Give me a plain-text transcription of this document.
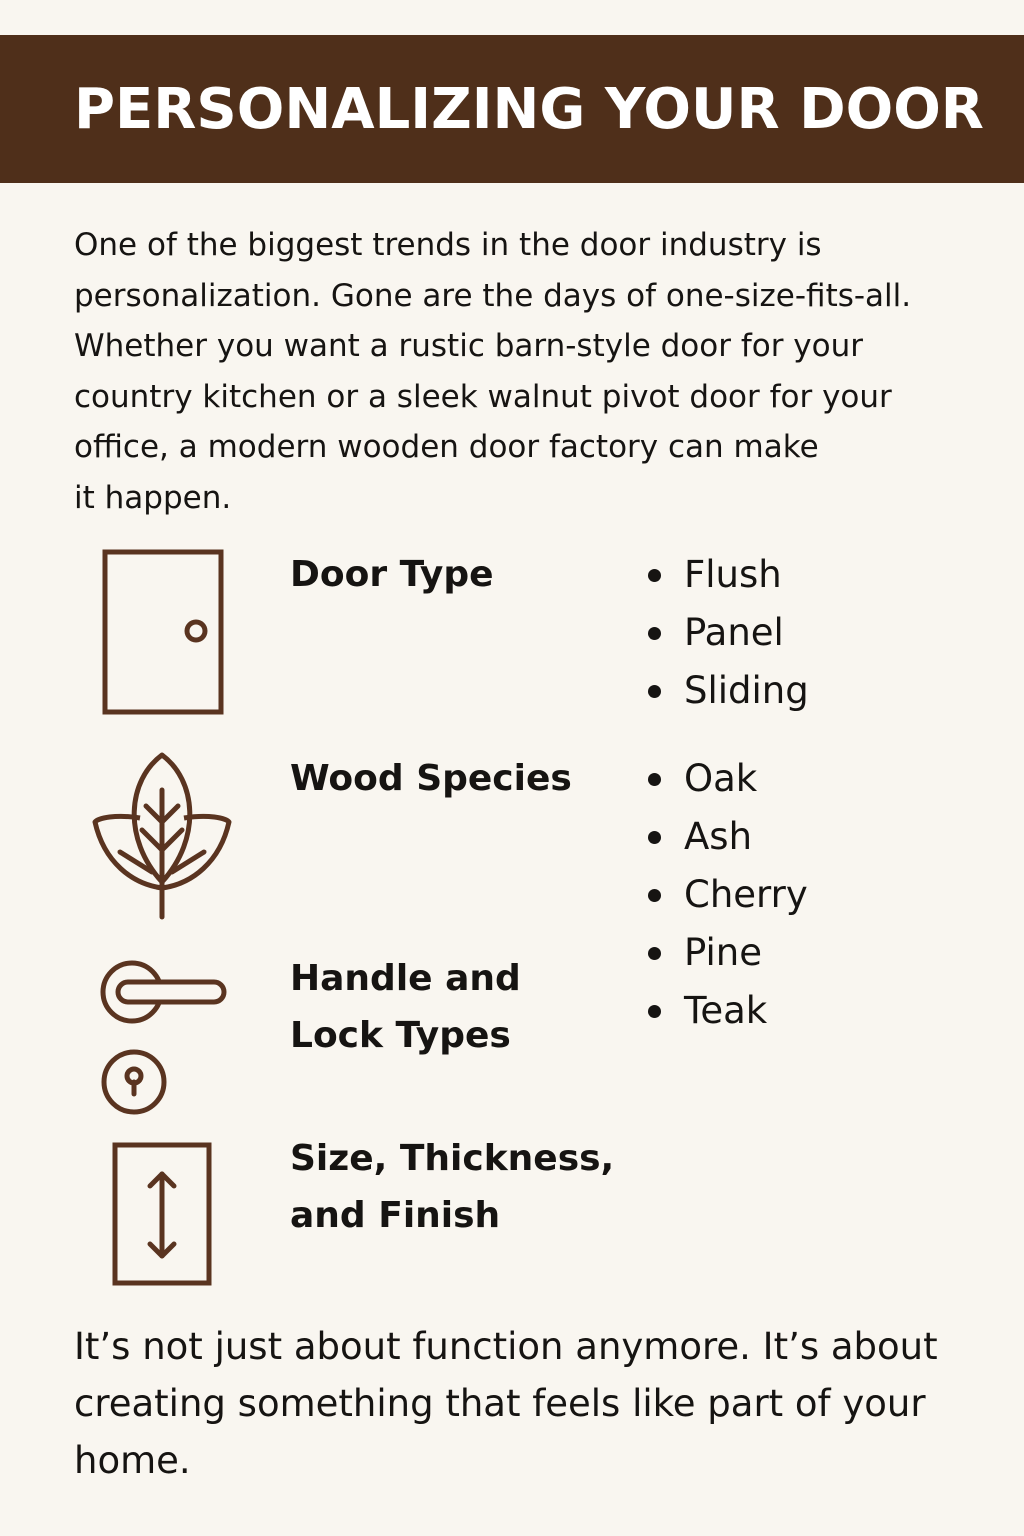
PERSONALIZING YOUR DOOR

One of the biggest trends in the door industry is
personalization. Gone are the days of one-size-fits-all.
Whether you want a rustic barn-style door for your
country kitchen or a sleek walnut pivot door for your
office, a modern wooden door factory can make
it happen.

Door Type	Flush
Panel
Sliding

Wood Species	Oak
Ash
Cherry
Pine
Teak

Handle and
Lock Types

Size, Thickness,
and Finish

It’s not just about function anymore. It’s about
creating something that feels like part of your
home.
